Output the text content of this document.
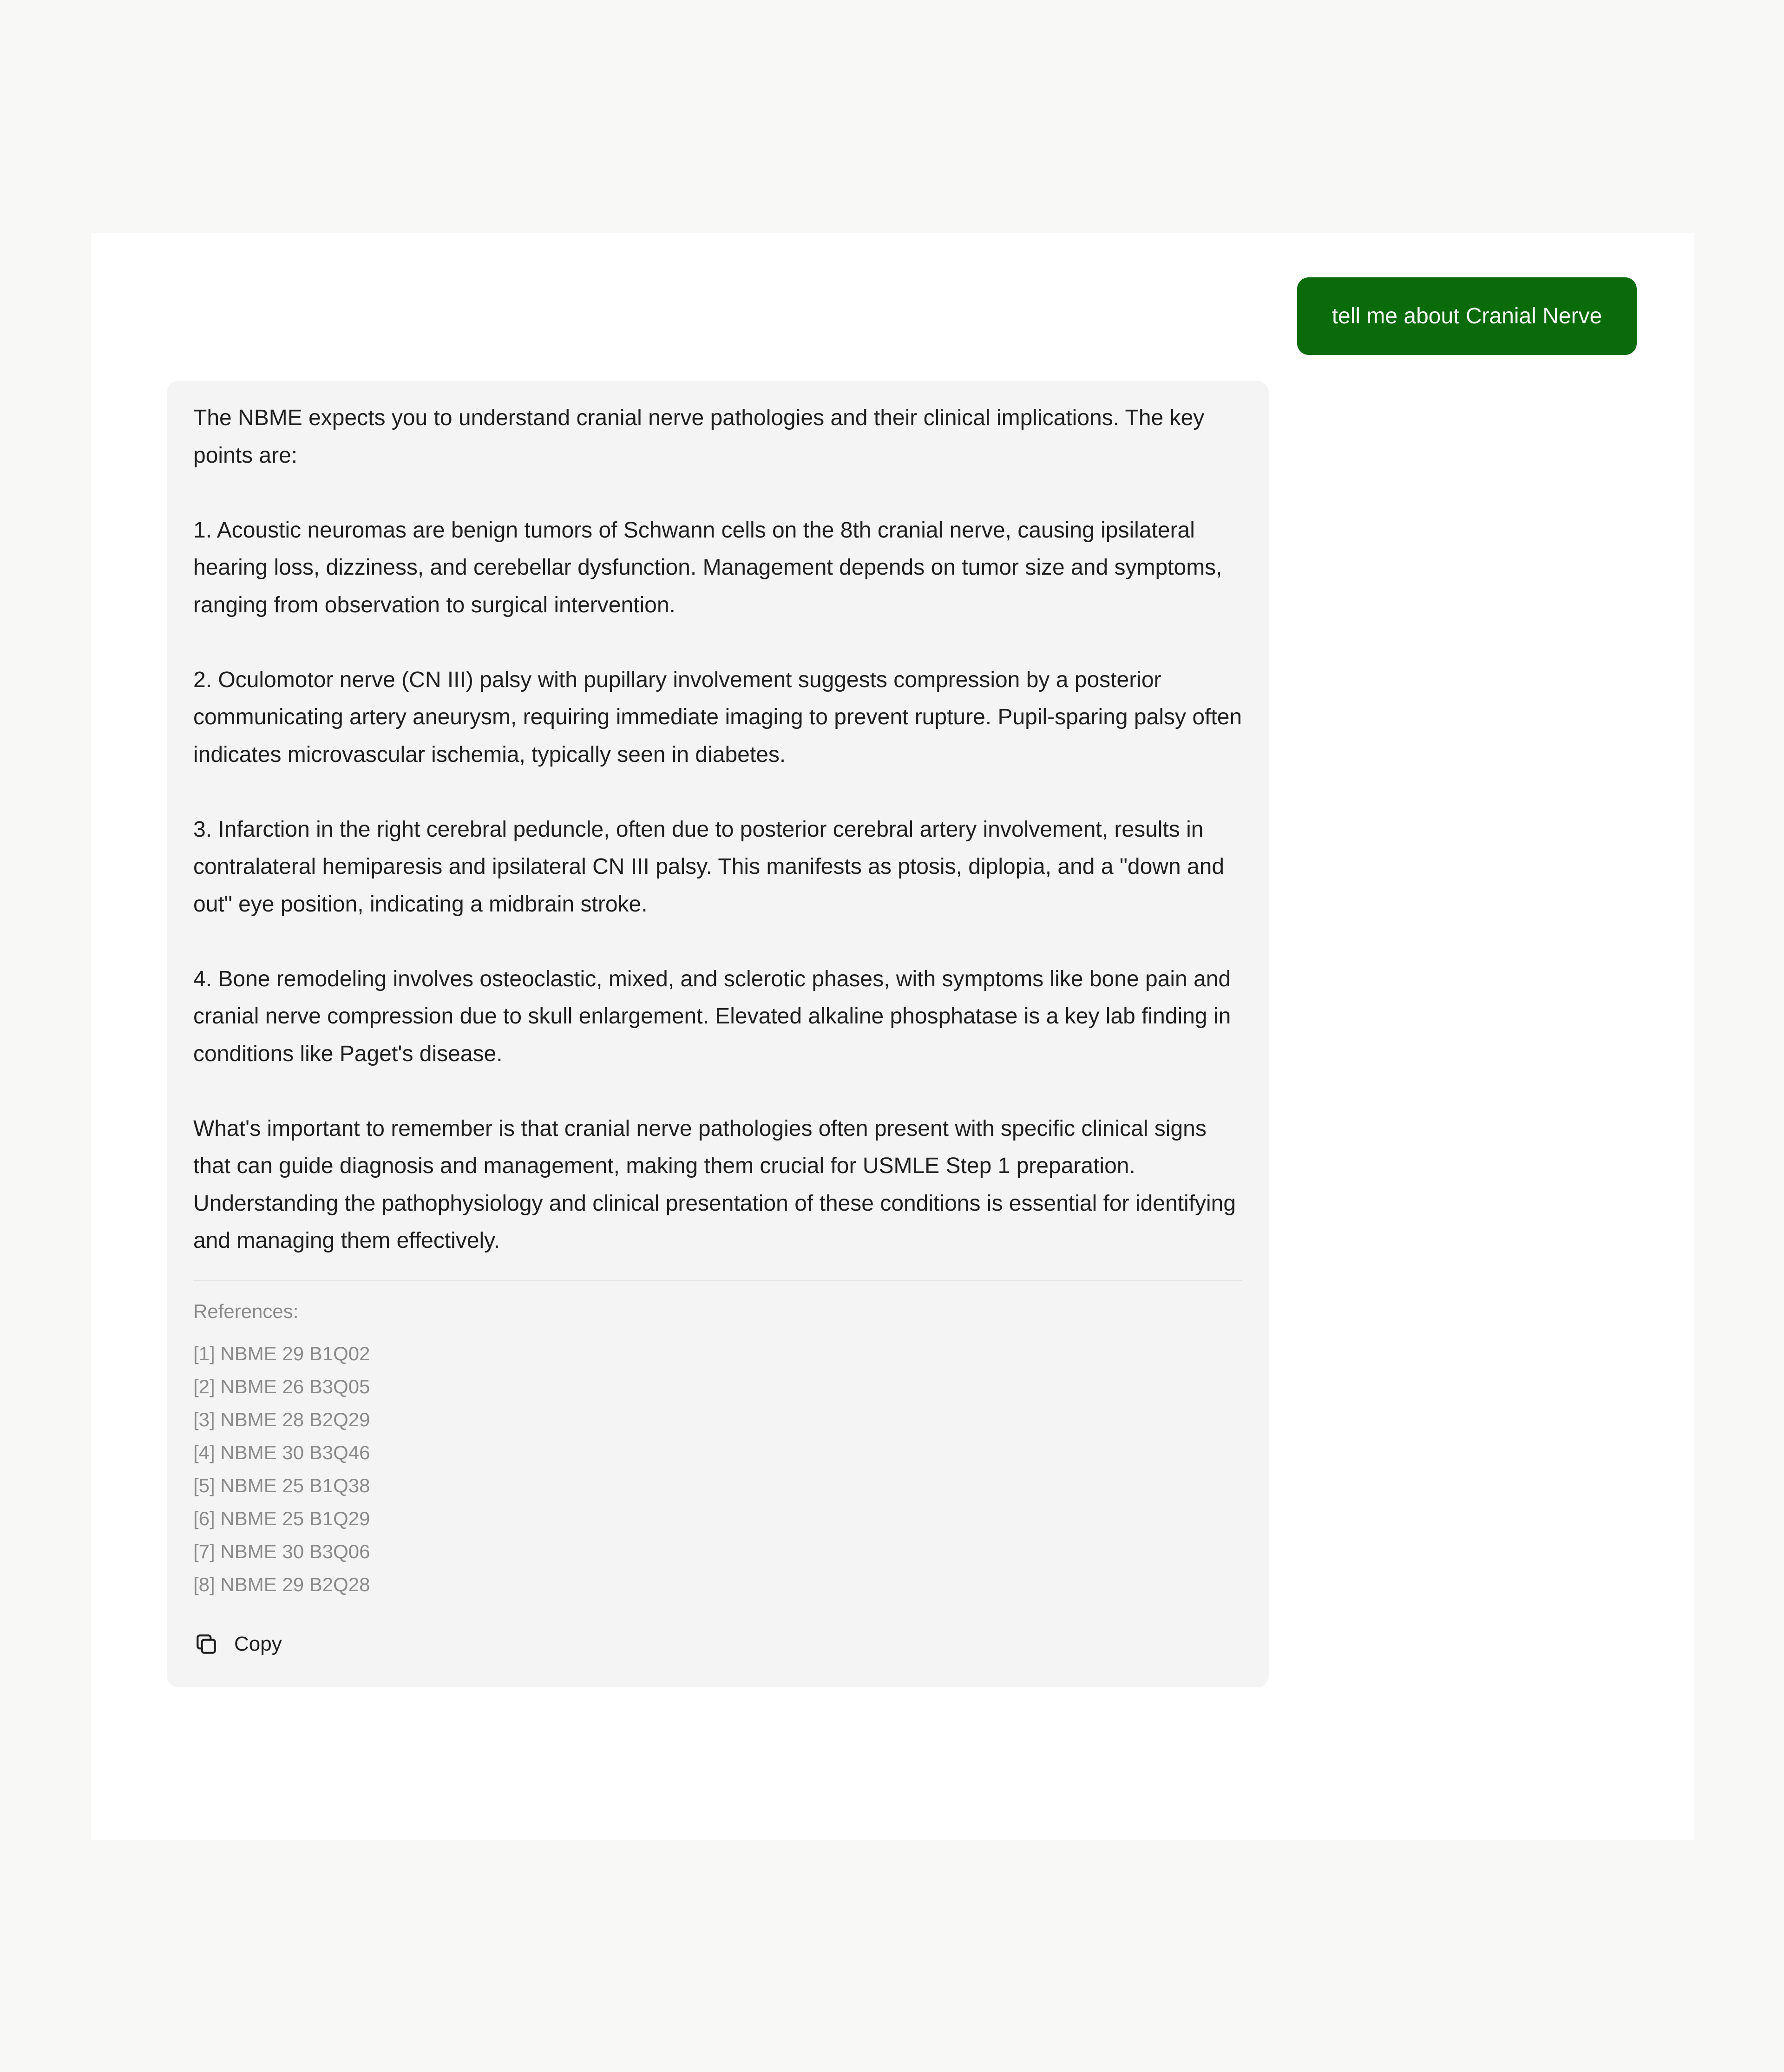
tell me about Cranial Nerve

The NBME expects you to understand cranial nerve pathologies and their clinical implications. The key points are:

1. Acoustic neuromas are benign tumors of Schwann cells on the 8th cranial nerve, causing ipsilateral hearing loss, dizziness, and cerebellar dysfunction. Management depends on tumor size and symptoms, ranging from observation to surgical intervention.

2. Oculomotor nerve (CN III) palsy with pupillary involvement suggests compression by a posterior communicating artery aneurysm, requiring immediate imaging to prevent rupture. Pupil-sparing palsy often indicates microvascular ischemia, typically seen in diabetes.

3. Infarction in the right cerebral peduncle, often due to posterior cerebral artery involvement, results in contralateral hemiparesis and ipsilateral CN III palsy. This manifests as ptosis, diplopia, and a "down and out" eye position, indicating a midbrain stroke.

4. Bone remodeling involves osteoclastic, mixed, and sclerotic phases, with symptoms like bone pain and cranial nerve compression due to skull enlargement. Elevated alkaline phosphatase is a key lab finding in conditions like Paget's disease.

What's important to remember is that cranial nerve pathologies often present with specific clinical signs that can guide diagnosis and management, making them crucial for USMLE Step 1 preparation. Understanding the pathophysiology and clinical presentation of these conditions is essential for identifying and managing them effectively.

References:
[1] NBME 29 B1Q02
[2] NBME 26 B3Q05
[3] NBME 28 B2Q29
[4] NBME 30 B3Q46
[5] NBME 25 B1Q38
[6] NBME 25 B1Q29
[7] NBME 30 B3Q06
[8] NBME 29 B2Q28
Copy
